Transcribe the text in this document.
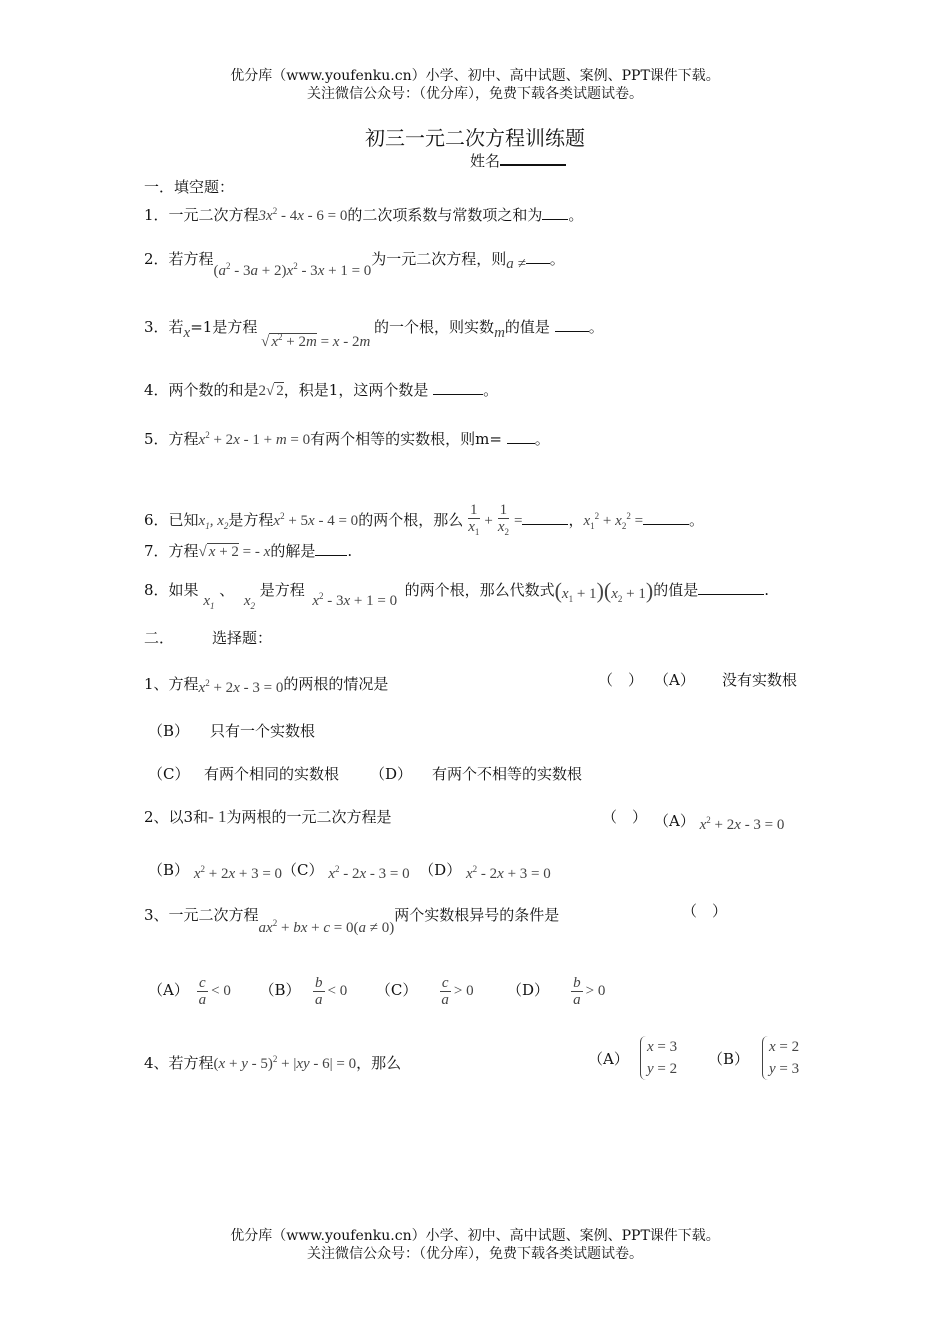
优分库（www.youfenku.cn）小学、初中、高中试题、案例、PPT课件下载。
关注微信公众号：（优分库），免费下载各类试题试卷。
初三一元二次方程训练题
姓名
一．填空题：
1．一元二次方程$3x^2 - 4x - 6 = 0$的二次项系数与常数项之和为 。
2．若方程$(a^2 - 3a + 2)x^2 - 3x + 1 = 0$为一元二次方程，则a ≠ 。
3．若x=1是方程 √ $x^2 + 2m = x - 2m$ 的一个根，则实数m的值是	。
4．两个数的和是2√ 2，积是1，这两个数是	。
5．方程$x^2 + 2x - 1 + m = 0$有两个相等的实数根，则m= 。
6．已知$x_1$, $x_2$是方程$x^2 + 5x - 4 = 0$的两个根，那么 $\frac{1}{x_1} + \frac{1}{x_2}$ =	，$x_1^2 + x_2^2$ =	。
7．方程√ x + 2 = - x的解是 .
8．如果 $x_1$ 、  $x_2$ 是方程  $x^2 - 3x + 1 = 0$  的两个根，那么代数式$(x_1 + 1)(x_2 + 1)$的值是	.
二．	选择题：
1、方程$x^2 + 2x - 3 = 0$的两根的情况是	（　） （A） 没有实数根
（B） 只有一个实数根
（C） 有两个相同的实数根 （D） 有两个不相等的实数根
2、以3和- 1为两根的一元二次方程是	（　） （A） $x^2 + 2x - 3 = 0$
（B） $x^2 + 2x + 3 = 0(C)$ $x^2 - 2x - 3 = 0$ （D） $x^2 - 2x + 3 = 0$
3、一元二次方程$ax^2$ + bx + c = 0(a ≠ 0)两个实数根异号的条件是	（　）
$(A) \frac{c}{a} < 0$ $(B) \frac{b}{a} < 0$ $(C) \frac{c}{a} > 0$ $(D) \frac{b}{a} > 0$
4、若方程$(x + y - 5)^2 + |xy - 6| = 0$，那么	（A）
x = 3
y = 2
（B）
x = 2
y = 3
优分库（www.youfenku.cn）小学、初中、高中试题、案例、PPT课件下载。
关注微信公众号：（优分库），免费下载各类试题试卷。
